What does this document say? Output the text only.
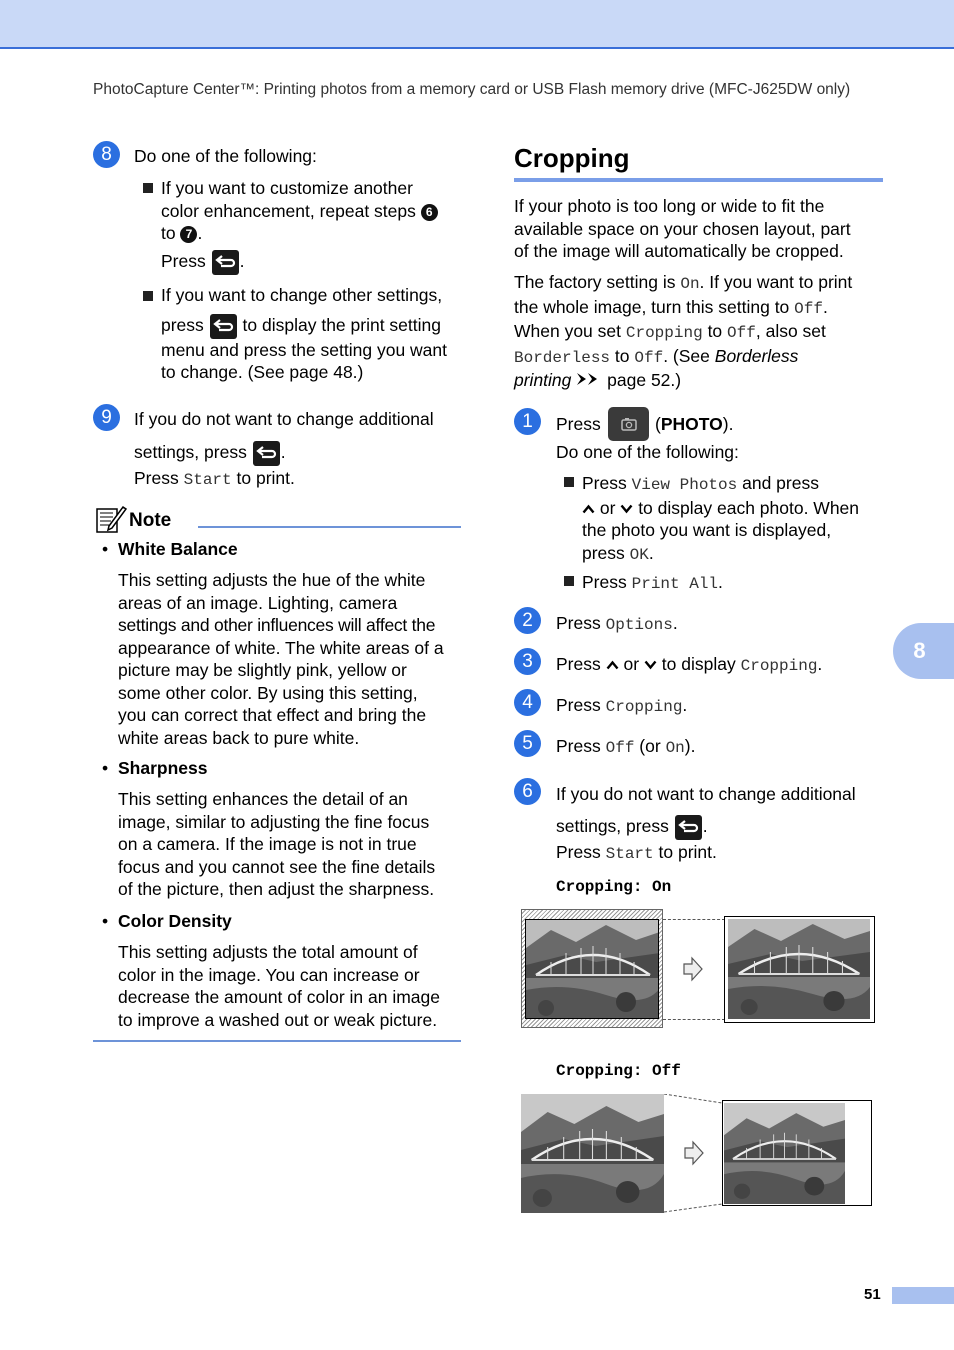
PhotoCapture Center™: Printing photos from a memory card or USB Flash memory drive (MFC-J625DW only)
8	Do one of the following:
If you want to customize another
color enhancement, repeat steps 6
to 7 .
Press .
If you want to change other settings,
press to display the print setting
menu and press the setting you want
to change. (See page 48.)
9	If you do not want to change additional
settings, press .
Press Start to print.
Note
• White Balance
This setting adjusts the hue of the white
areas of an image. Lighting, camera
settings and other influences will affect the
appearance of white. The white areas of a
picture may be slightly pink, yellow or
some other color. By using this setting,
you can correct that effect and bring the
white areas back to pure white.
• Sharpness
This setting enhances the detail of an
image, similar to adjusting the fine focus
on a camera. If the image is not in true
focus and you cannot see the fine details
of the picture, then adjust the sharpness.
• Color Density
This setting adjusts the total amount of
color in the image. You can increase or
decrease the amount of color in an image
to improve a washed out or weak picture.
Cropping
If your photo is too long or wide to fit the
available space on your chosen layout, part
of the image will automatically be cropped.
The factory setting is On. If you want to print
the whole image, turn this setting to Off.
When you set Cropping to Off, also set
Borderless to Off. (See Borderless
printing page 52.)
1	Press	(PHOTO).
Do one of the following:
Press View Photos and press
or to display each photo. When
the photo you want is displayed,
press OK.
Press Print All.
2	Press Options.
3	Press or to display Cropping.
4	Press Cropping.
5	Press Off (or On).
6	If you do not want to change additional
settings, press .
Press Start to print.
Cropping: On
Cropping: Off
8
51
